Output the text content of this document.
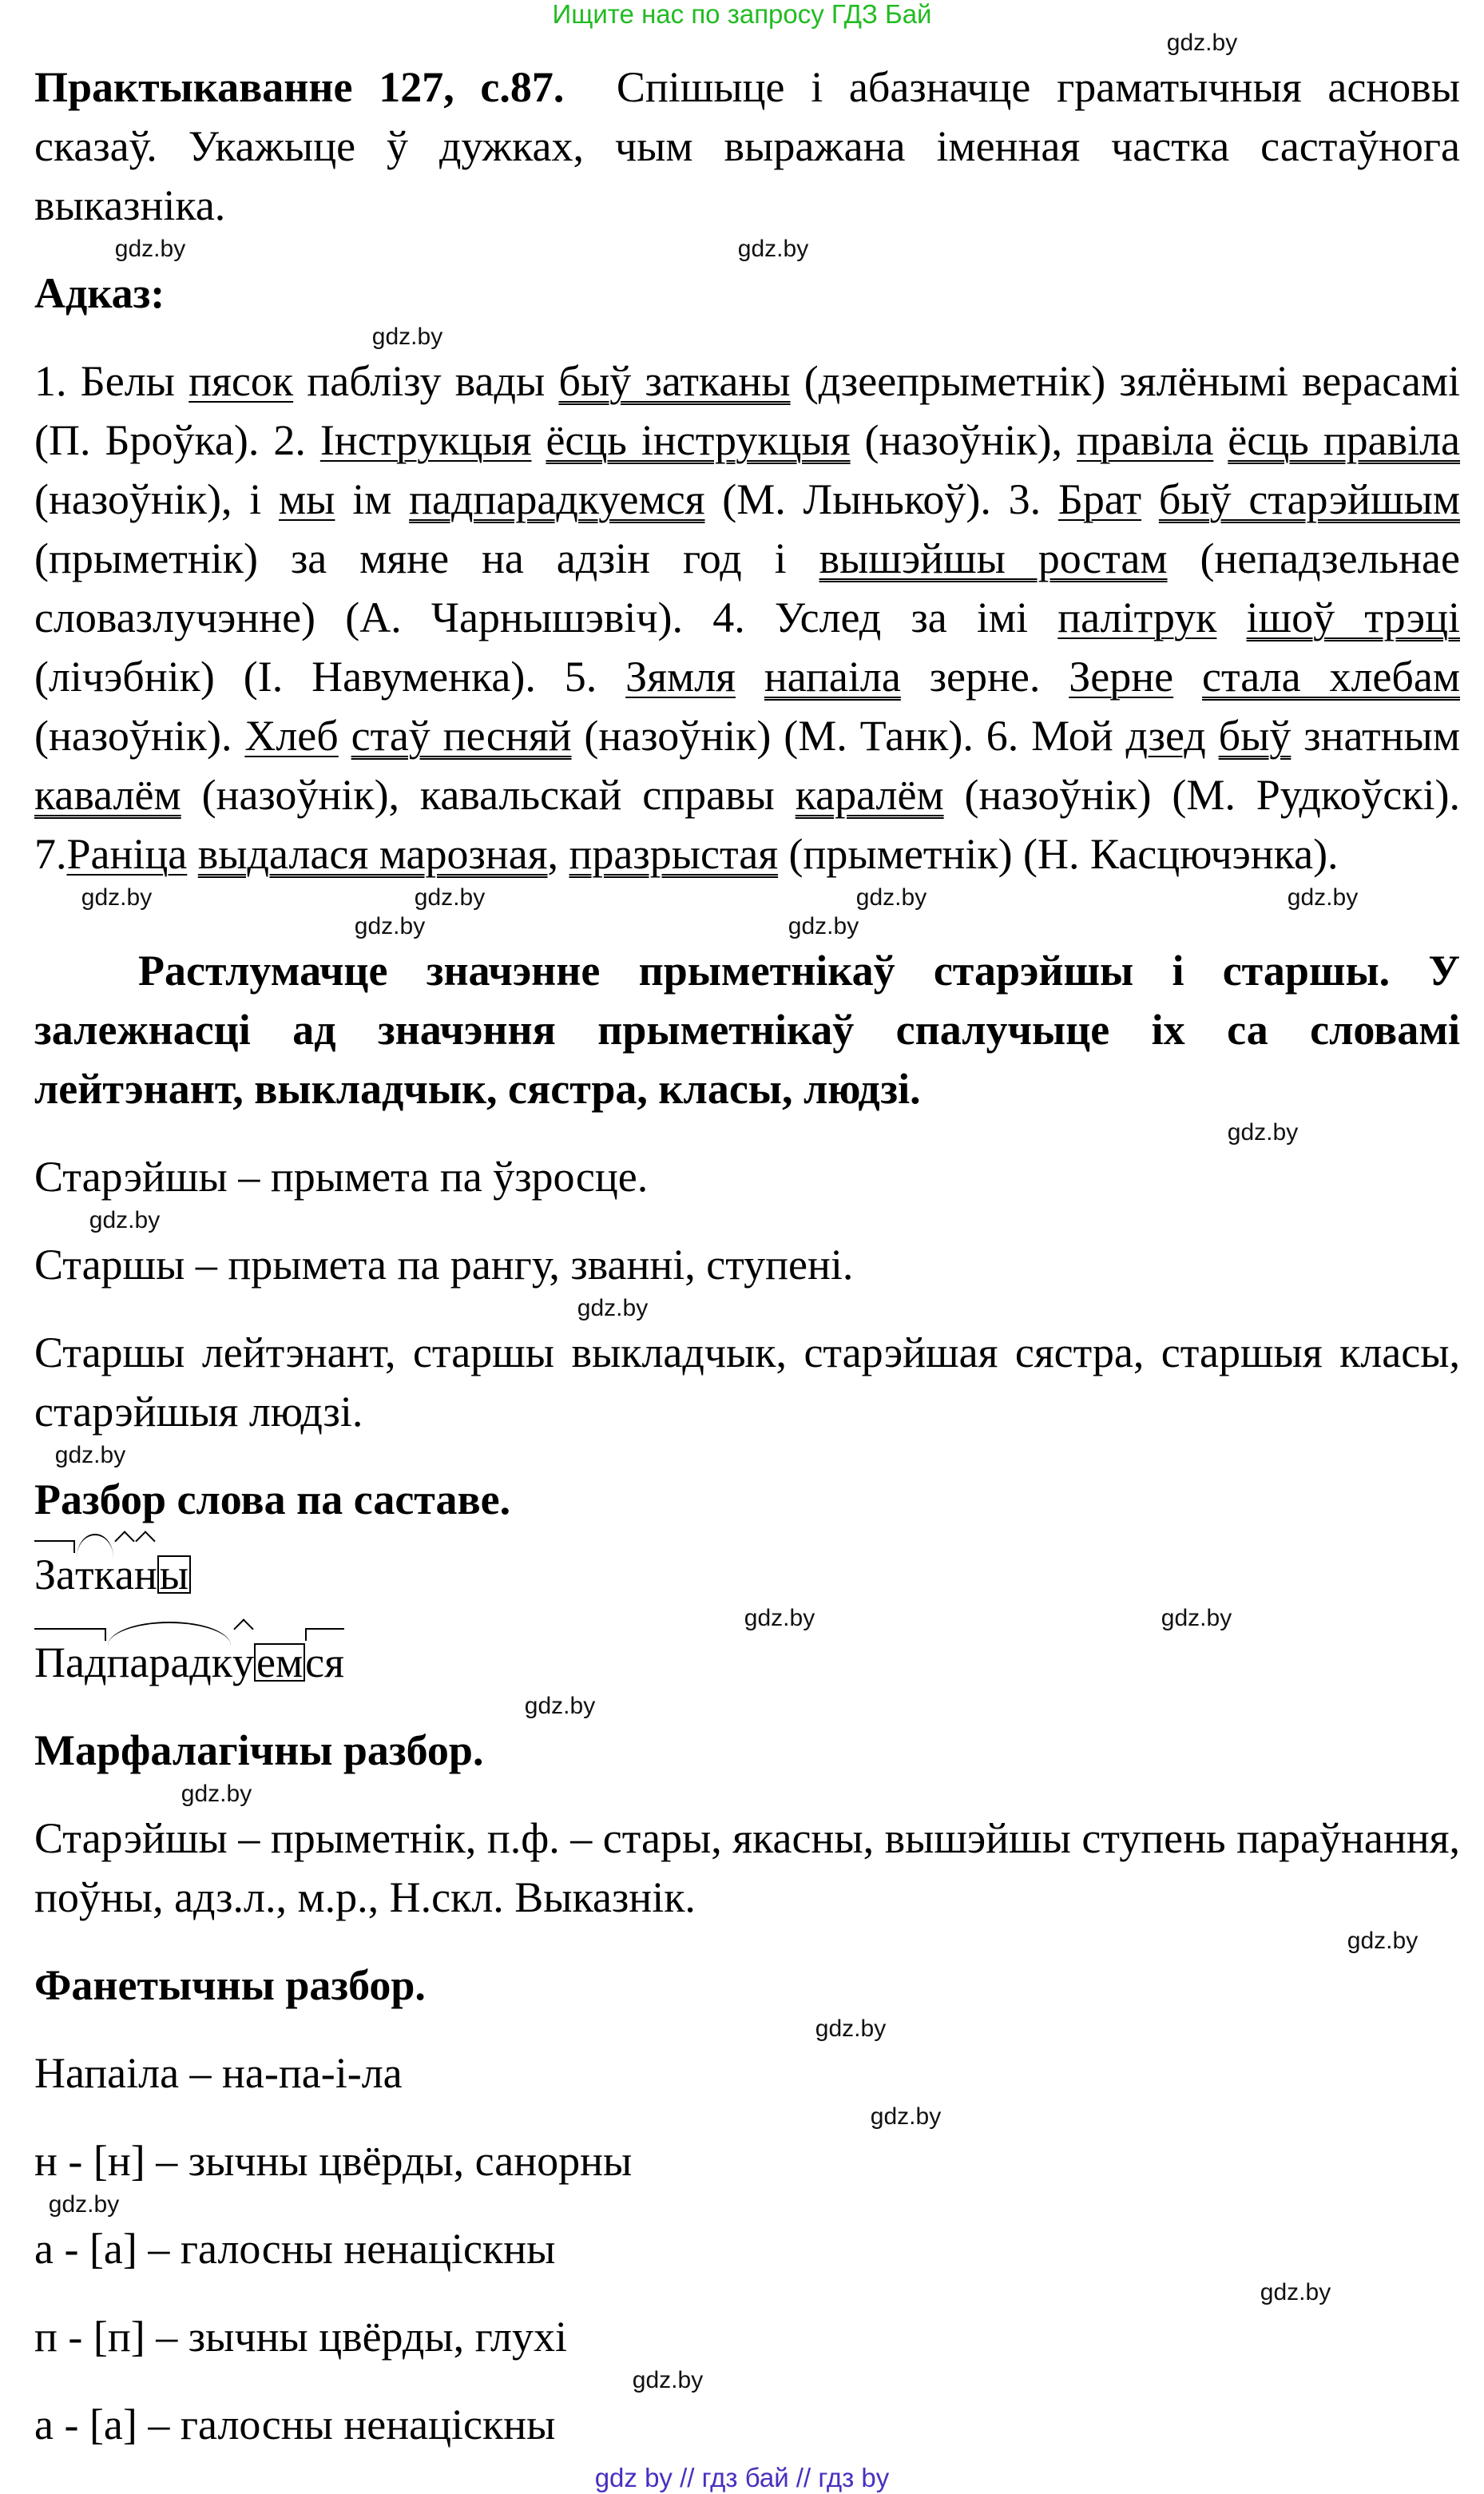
Ищите нас по запросу ГДЗ Бай
gdz.by
Практыкаванне 127, с.87. Спішыце і абазначце граматычныя асновы сказаў. Укажыце ў дужках, чым выражана іменная частка састаўнога выказніка.
gdz.by	gdz.by
Адказ:
gdz.by
1. Белы пясок паблізу вады быў затканы (дзеепрыметнік) зялёнымі верасамі (П. Броўка). 2. Інструкцыя ёсць інструкцыя (назоўнік), правіла ёсць правіла (назоўнік), і мы ім падпарадкуемся (М. Лынькоў). 3. Брат быў старэйшым (прыметнік) за мяне на адзін год і вышэйшы ростам (непадзельнае словазлучэнне) (А. Чарнышэвіч). 4. Услед за імі палітрук ішоў трэці (лічэбнік) (І. Навуменка). 5. Зямля напаіла зерне. Зерне стала хлебам (назоўнік). Хлеб стаў песняй (назоўнік) (М. Танк). 6. Мой дзед быў знатным кавалём (назоўнік), кавальскай справы каралём (назоўнік) (М. Рудкоўскі). 7.Раніца выдалася марозная, празрыстая (прыметнік) (Н. Касцючэнка).
gdz.by	gdz.by	gdz.by	gdz.by
gdz.by	gdz.by
Растлумачце значэнне прыметнікаў старэйшы і старшы. У залежнасці ад значэння прыметнікаў спалучыце іх са словамі лейтэнант, выкладчык, сястра, класы, людзі.
gdz.by
Старэйшы – прымета па ўзросце.
gdz.by
Старшы – прымета па рангу, званні, ступені.
gdz.by
Старшы лейтэнант, старшы выкладчык, старэйшая сястра, старшыя класы, старэйшыя людзі.
gdz.by
Разбор слова па саставе.
Затканы
gdz.by	gdz.by
Падпарадкуемся
gdz.by
Марфалагічны разбор.
gdz.by
Старэйшы – прыметнік, п.ф. – стары, якасны, вышэйшы ступень параўнання, поўны, адз.л., м.р., Н.скл. Выказнік.
gdz.by
Фанетычны разбор.
gdz.by
Напаіла – на-па-і-ла
gdz.by
н - [н] – зычны цвёрды, санорны
gdz.by
а - [а] – галосны ненаціскны
gdz.by
п - [п] – зычны цвёрды, глухі
gdz.by
а - [а] – галосны ненаціскны
gdz by // гдз бай // гдз by
